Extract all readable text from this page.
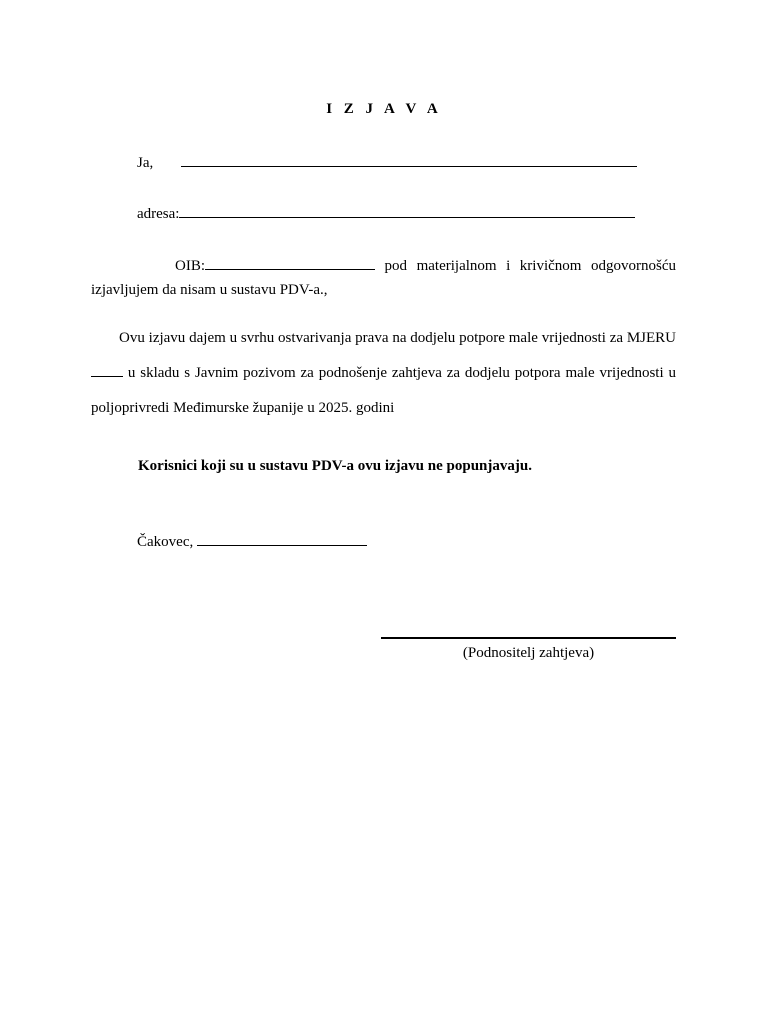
I Z J A V A
Ja,
adresa:
OIB:	pod materijalnom i krivičnom odgovornošću
izjavljujem da nisam u sustavu PDV-a.,
Ovu izjavu dajem u svrhu ostvarivanja prava na dodjelu potpore male vrijednosti za MJERU  u skladu s Javnim pozivom za podnošenje zahtjeva za dodjelu potpora male vrijednosti u poljoprivredi Međimurske županije u 2025. godini
Korisnici koji su u sustavu PDV-a ovu izjavu ne popunjavaju.
Čakovec,
(Podnositelj zahtjeva)
